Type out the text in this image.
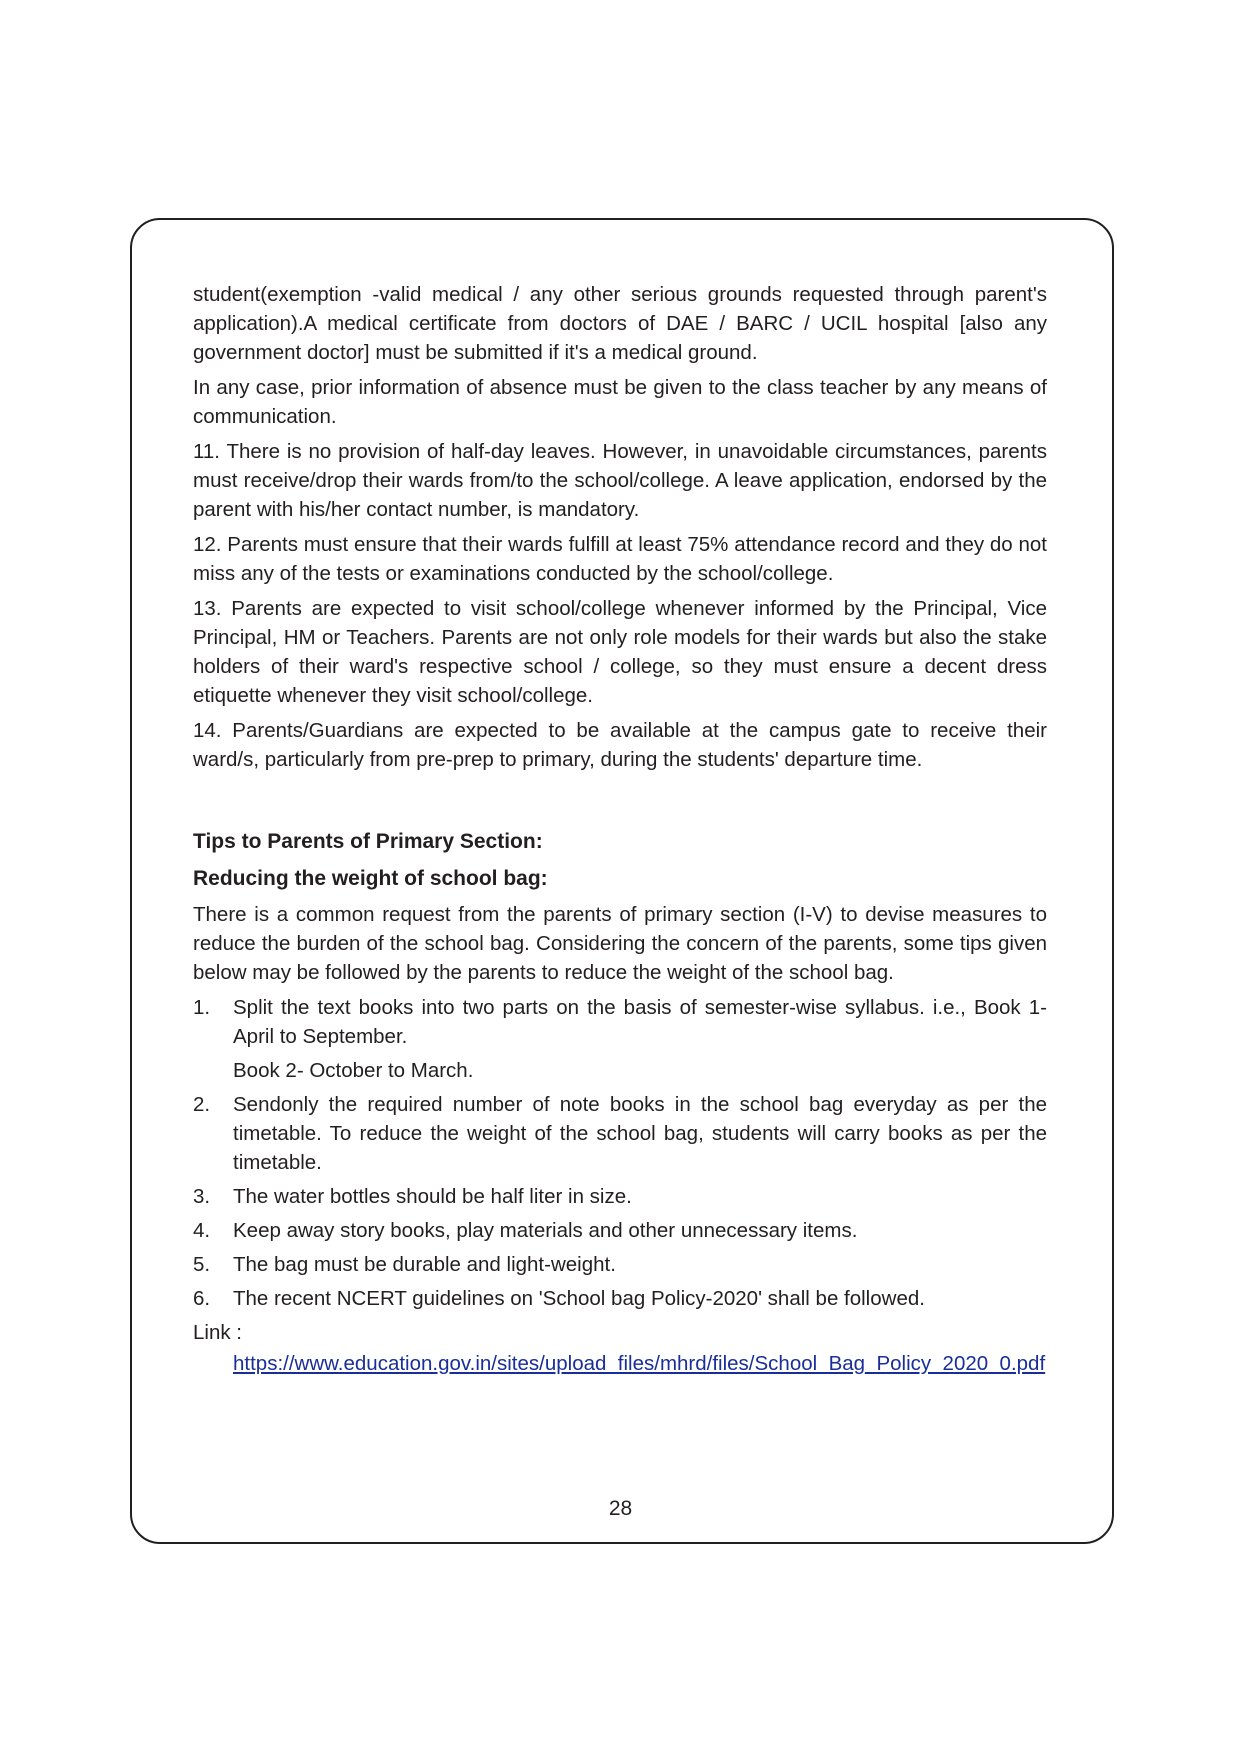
student(exemption -valid medical / any other serious grounds requested through parent's application).A medical certificate from doctors of DAE / BARC / UCIL hospital [also any government doctor] must be submitted if it's a medical ground.

In any case, prior information of absence must be given to the class teacher by any means of communication.

11. There is no provision of half-day leaves. However, in unavoidable circumstances, parents must receive/drop their wards from/to the school/college. A leave application, endorsed by the parent with his/her contact number, is mandatory.

12. Parents must ensure that their wards fulfill at least 75% attendance record and they do not miss any of the tests or examinations conducted by the school/college.

13. Parents are expected to visit school/college whenever informed by the Principal, Vice Principal, HM or Teachers. Parents are not only role models for their wards but also the stake holders of their ward's respective school / college, so they must ensure a decent dress etiquette whenever they visit school/college.

14. Parents/Guardians are expected to be available at the campus gate to receive their ward/s, particularly from pre-prep to primary, during the students' departure time.

Tips to Parents of Primary Section:
Reducing the weight of school bag:

There is a common request from the parents of primary section (I-V) to devise measures to reduce the burden of the school bag. Considering the concern of the parents, some tips given below may be followed by the parents to reduce the weight of the school bag.

1.	Split the text books into two parts on the basis of semester-wise syllabus. i.e., Book 1- April to September.
Book 2- October to March.
2.	Sendonly the required number of note books in the school bag everyday as per the timetable. To reduce the weight of the school bag, students will carry books as per the timetable.
3.	The water bottles should be half liter in size.
4.	Keep away story books, play materials and other unnecessary items.
5.	The bag must be durable and light-weight.
6.	The recent NCERT guidelines on 'School bag Policy-2020' shall be followed.
Link :
https://www.education.gov.in/sites/upload_files/mhrd/files/School_Bag_Policy_2020_0.pdf
28
